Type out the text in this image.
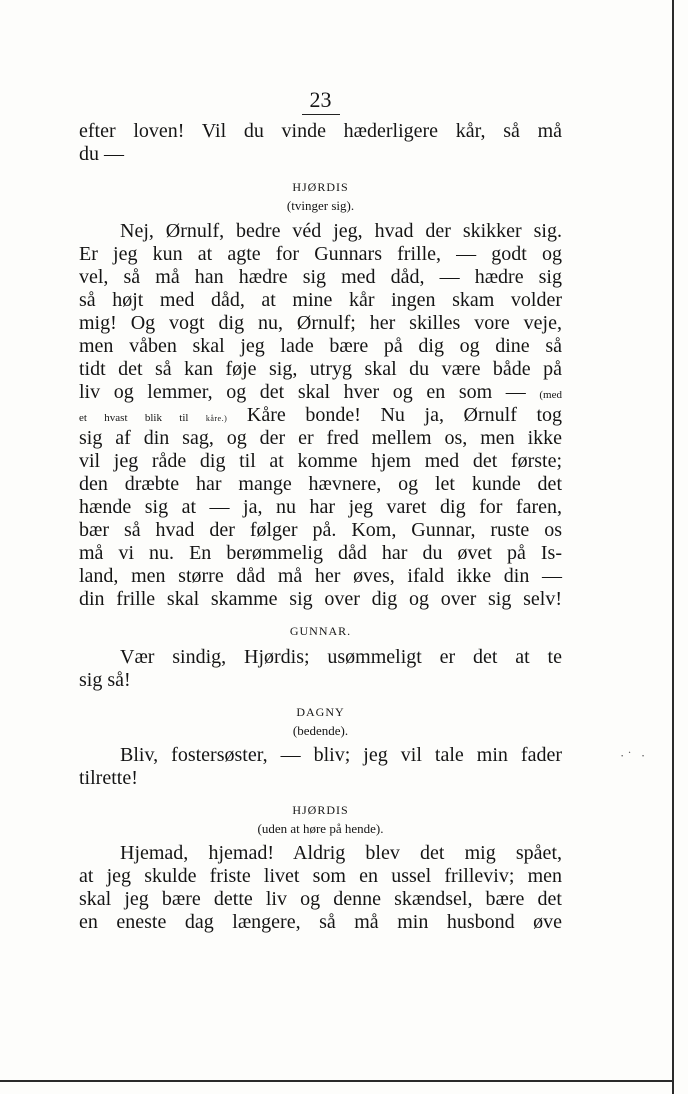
·˙ ·
23
efter loven! Vil du vinde hæderligere kår, så må
du —
HJØRDIS
(tvinger sig).
Nej, Ørnulf, bedre véd jeg, hvad der skikker sig.
Er jeg kun at agte for Gunnars frille, — godt og
vel, så må han hædre sig med dåd, — hædre sig
så højt med dåd, at mine kår ingen skam volder
mig! Og vogt dig nu, Ørnulf; her skilles vore veje,
men våben skal jeg lade bære på dig og dine så
tidt det så kan føje sig, utryg skal du være både på
liv og lemmer, og det skal hver og en som — (med
et hvast blik til kåre.) Kåre bonde! Nu ja, Ørnulf tog
sig af din sag, og der er fred mellem os, men ikke
vil jeg råde dig til at komme hjem med det første;
den dræbte har mange hævnere, og let kunde det
hænde sig at — ja, nu har jeg varet dig for faren,
bær så hvad der følger på. Kom, Gunnar, ruste os
må vi nu. En berømmelig dåd har du øvet på Is-
land, men større dåd må her øves, ifald ikke din —
din frille skal skamme sig over dig og over sig selv!
GUNNAR.
Vær sindig, Hjørdis; usømmeligt er det at te
sig så!
DAGNY
(bedende).
Bliv, fostersøster, — bliv; jeg vil tale min fader
tilrette!
HJØRDIS
(uden at høre på hende).
Hjemad, hjemad! Aldrig blev det mig spået,
at jeg skulde friste livet som en ussel frilleviv; men
skal jeg bære dette liv og denne skændsel, bære det
en eneste dag længere, så må min husbond øve
